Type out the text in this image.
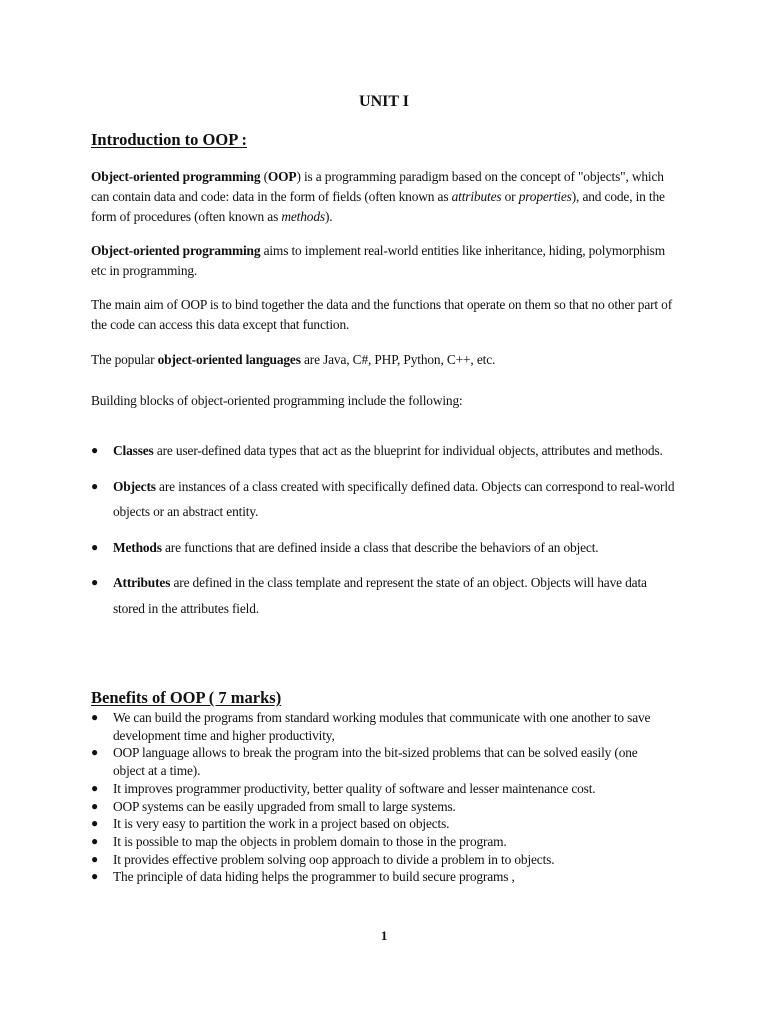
UNIT I
Introduction to OOP :
Object-oriented programming (OOP) is a programming paradigm based on the concept of "objects", which can contain data and code: data in the form of fields (often known as attributes or properties), and code, in the form of procedures (often known as methods).
Object-oriented programming aims to implement real-world entities like inheritance, hiding, polymorphism etc in programming.
The main aim of OOP is to bind together the data and the functions that operate on them so that no other part of the code can access this data except that function.
The popular object-oriented languages are Java, C#, PHP, Python, C++, etc.
Building blocks of object-oriented programming include the following:
● Classes are user-defined data types that act as the blueprint for individual objects, attributes and methods.
● Objects are instances of a class created with specifically defined data. Objects can correspond to real-world objects or an abstract entity.
● Methods are functions that are defined inside a class that describe the behaviors of an object.
● Attributes are defined in the class template and represent the state of an object. Objects will have data stored in the attributes field.
Benefits of OOP ( 7 marks)
● We can build the programs from standard working modules that communicate with one another to save development time and higher productivity,
● OOP language allows to break the program into the bit-sized problems that can be solved easily (one object at a time).
● It improves programmer productivity, better quality of software and lesser maintenance cost.
● OOP systems can be easily upgraded from small to large systems.
● It is very easy to partition the work in a project based on objects.
● It is possible to map the objects in problem domain to those in the program.
● It provides effective problem solving oop approach to divide a problem in to objects.
● The principle of data hiding helps the programmer to build secure programs ,
1
